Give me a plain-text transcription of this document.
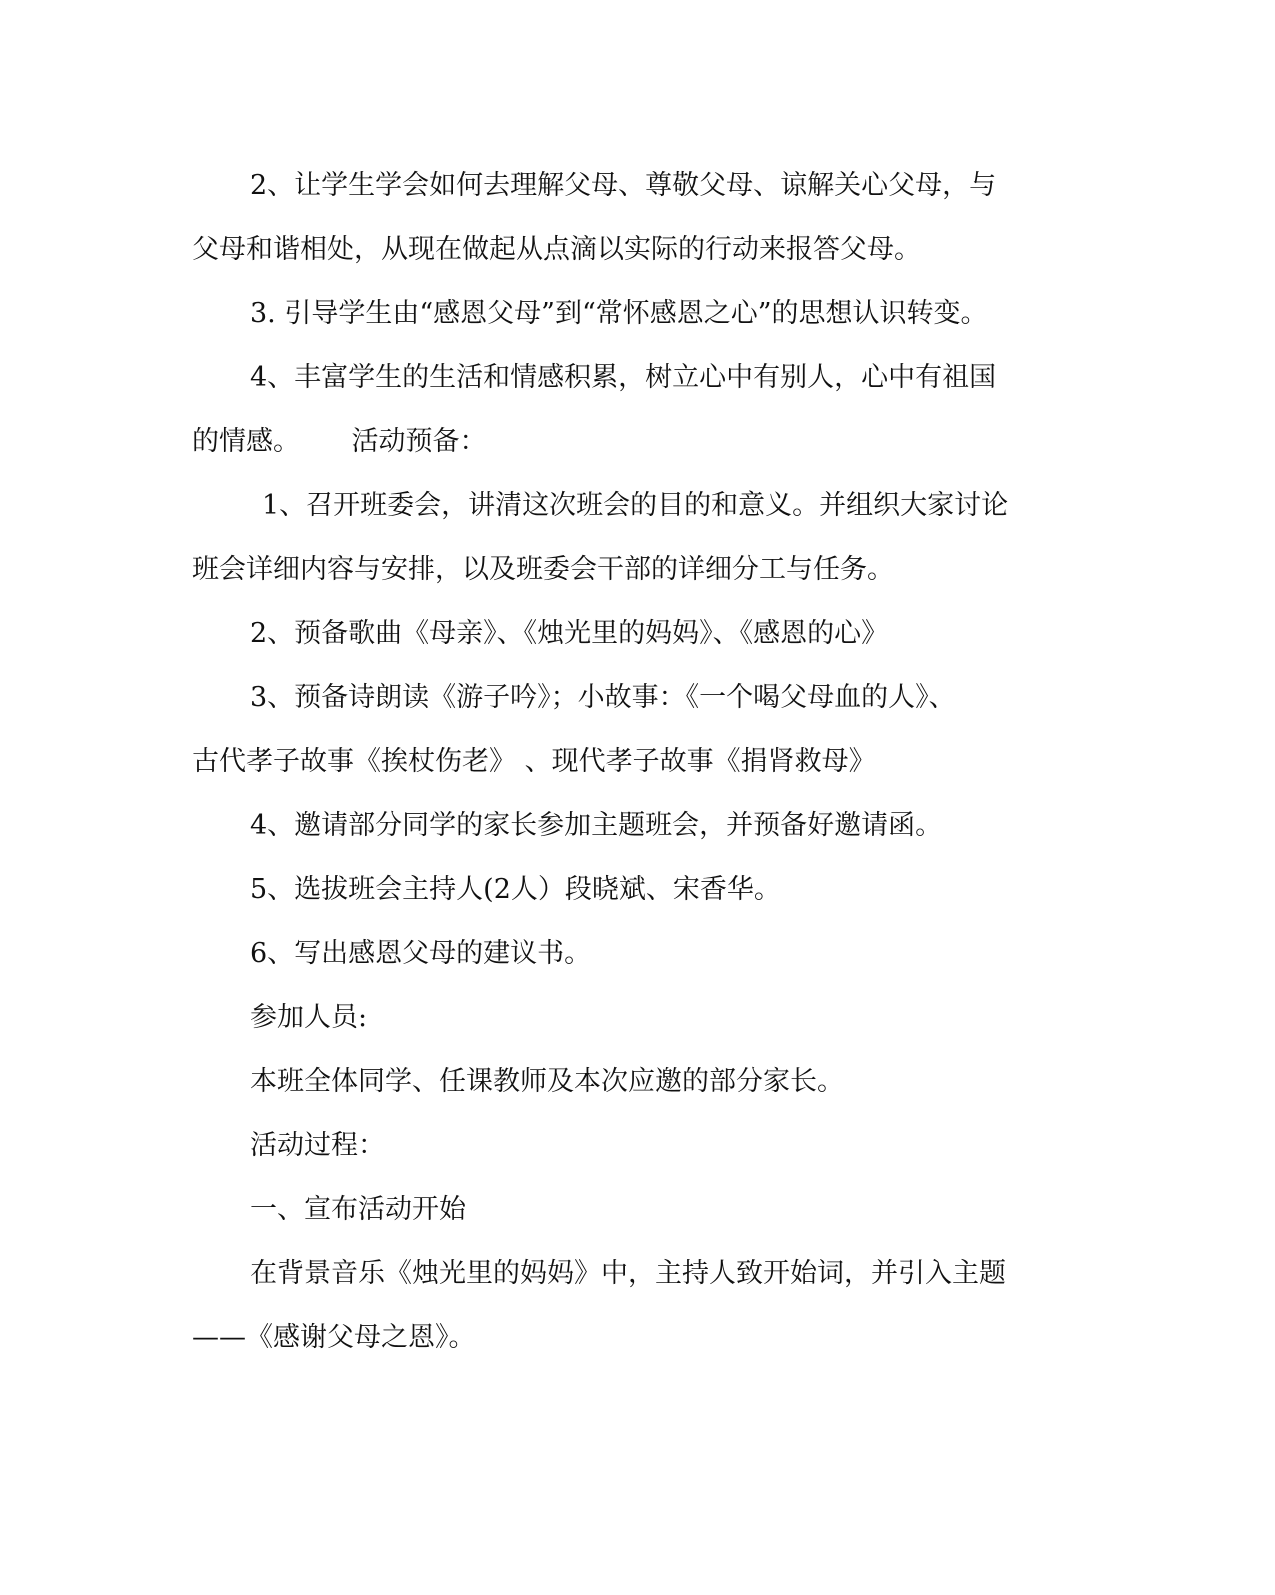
2、让学生学会如何去理解父母、尊敬父母、谅解关心父母，与
父母和谐相处，从现在做起从点滴以实际的行动来报答父母。
3. 引导学生由“感恩父母”到“常怀感恩之心”的思想认识转变。
4、丰富学生的生活和情感积累，树立心中有别人，心中有祖国
的情感。      活动预备：
1、召开班委会，讲清这次班会的目的和意义。并组织大家讨论
班会详细内容与安排，以及班委会干部的详细分工与任务。
2、预备歌曲《母亲》、《烛光里的妈妈》、《感恩的心》
3、预备诗朗读《游子吟》；小故事：《一个喝父母血的人》、
古代孝子故事《挨杖伤老》 、现代孝子故事《捐肾救母》
4、邀请部分同学的家长参加主题班会，并预备好邀请函。
5、选拔班会主持人(2人）段晓斌、宋香华。
6、写出感恩父母的建议书。
参加人员:
本班全体同学、任课教师及本次应邀的部分家长。
活动过程：
一、宣布活动开始
在背景音乐《烛光里的妈妈》中，主持人致开始词，并引入主题
——《感谢父母之恩》。
